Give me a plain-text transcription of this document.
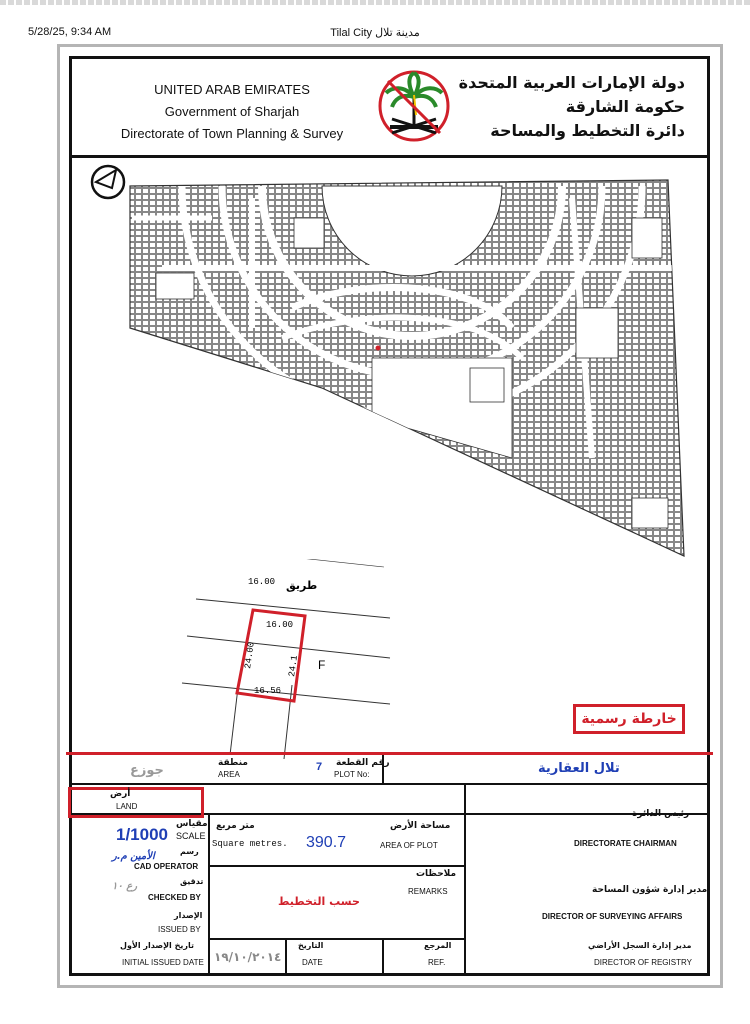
5/28/25, 9:34 AM	Tilal City مدينة تلال
UNITED ARAB EMIRATES
Government of Sharjah
Directorate of Town Planning & Survey
دولة الإمارات العربية المتحدة
حكومة الشارقة
دائرة التخطيط والمساحة
16.00 طريق
16.00
16.56
24.00	24.1 F
خارطة رسمية
جوزع	منطقة
AREA
7 رقم القطعة
PLOT No:	تلال العقارية
أرض
LAND
1/1000
مقياس
SCALE
متر مربع
Square metres. 390.7
مساحة الأرض
AREA OF PLOT
رئيس الدائرة
DIRECTORATE CHAIRMAN
الأمين م.ر	رسم
CAD OPERATOR
رع ١٠	تدقيق
CHECKED BY
ملاحظات
REMARKS
حسب التخطيط
مدير إدارة شؤون المساحة
DIRECTOR OF SURVEYING AFFAIRS
الإصدار
ISSUED BY
تاريخ الإصدار الأول
INITIAL ISSUED DATE ١٩/١٠/٢٠١٤
التاريخ
DATE
المرجع
REF.
مدير إدارة السجل الأراضي
DIRECTOR OF REGISTRY
